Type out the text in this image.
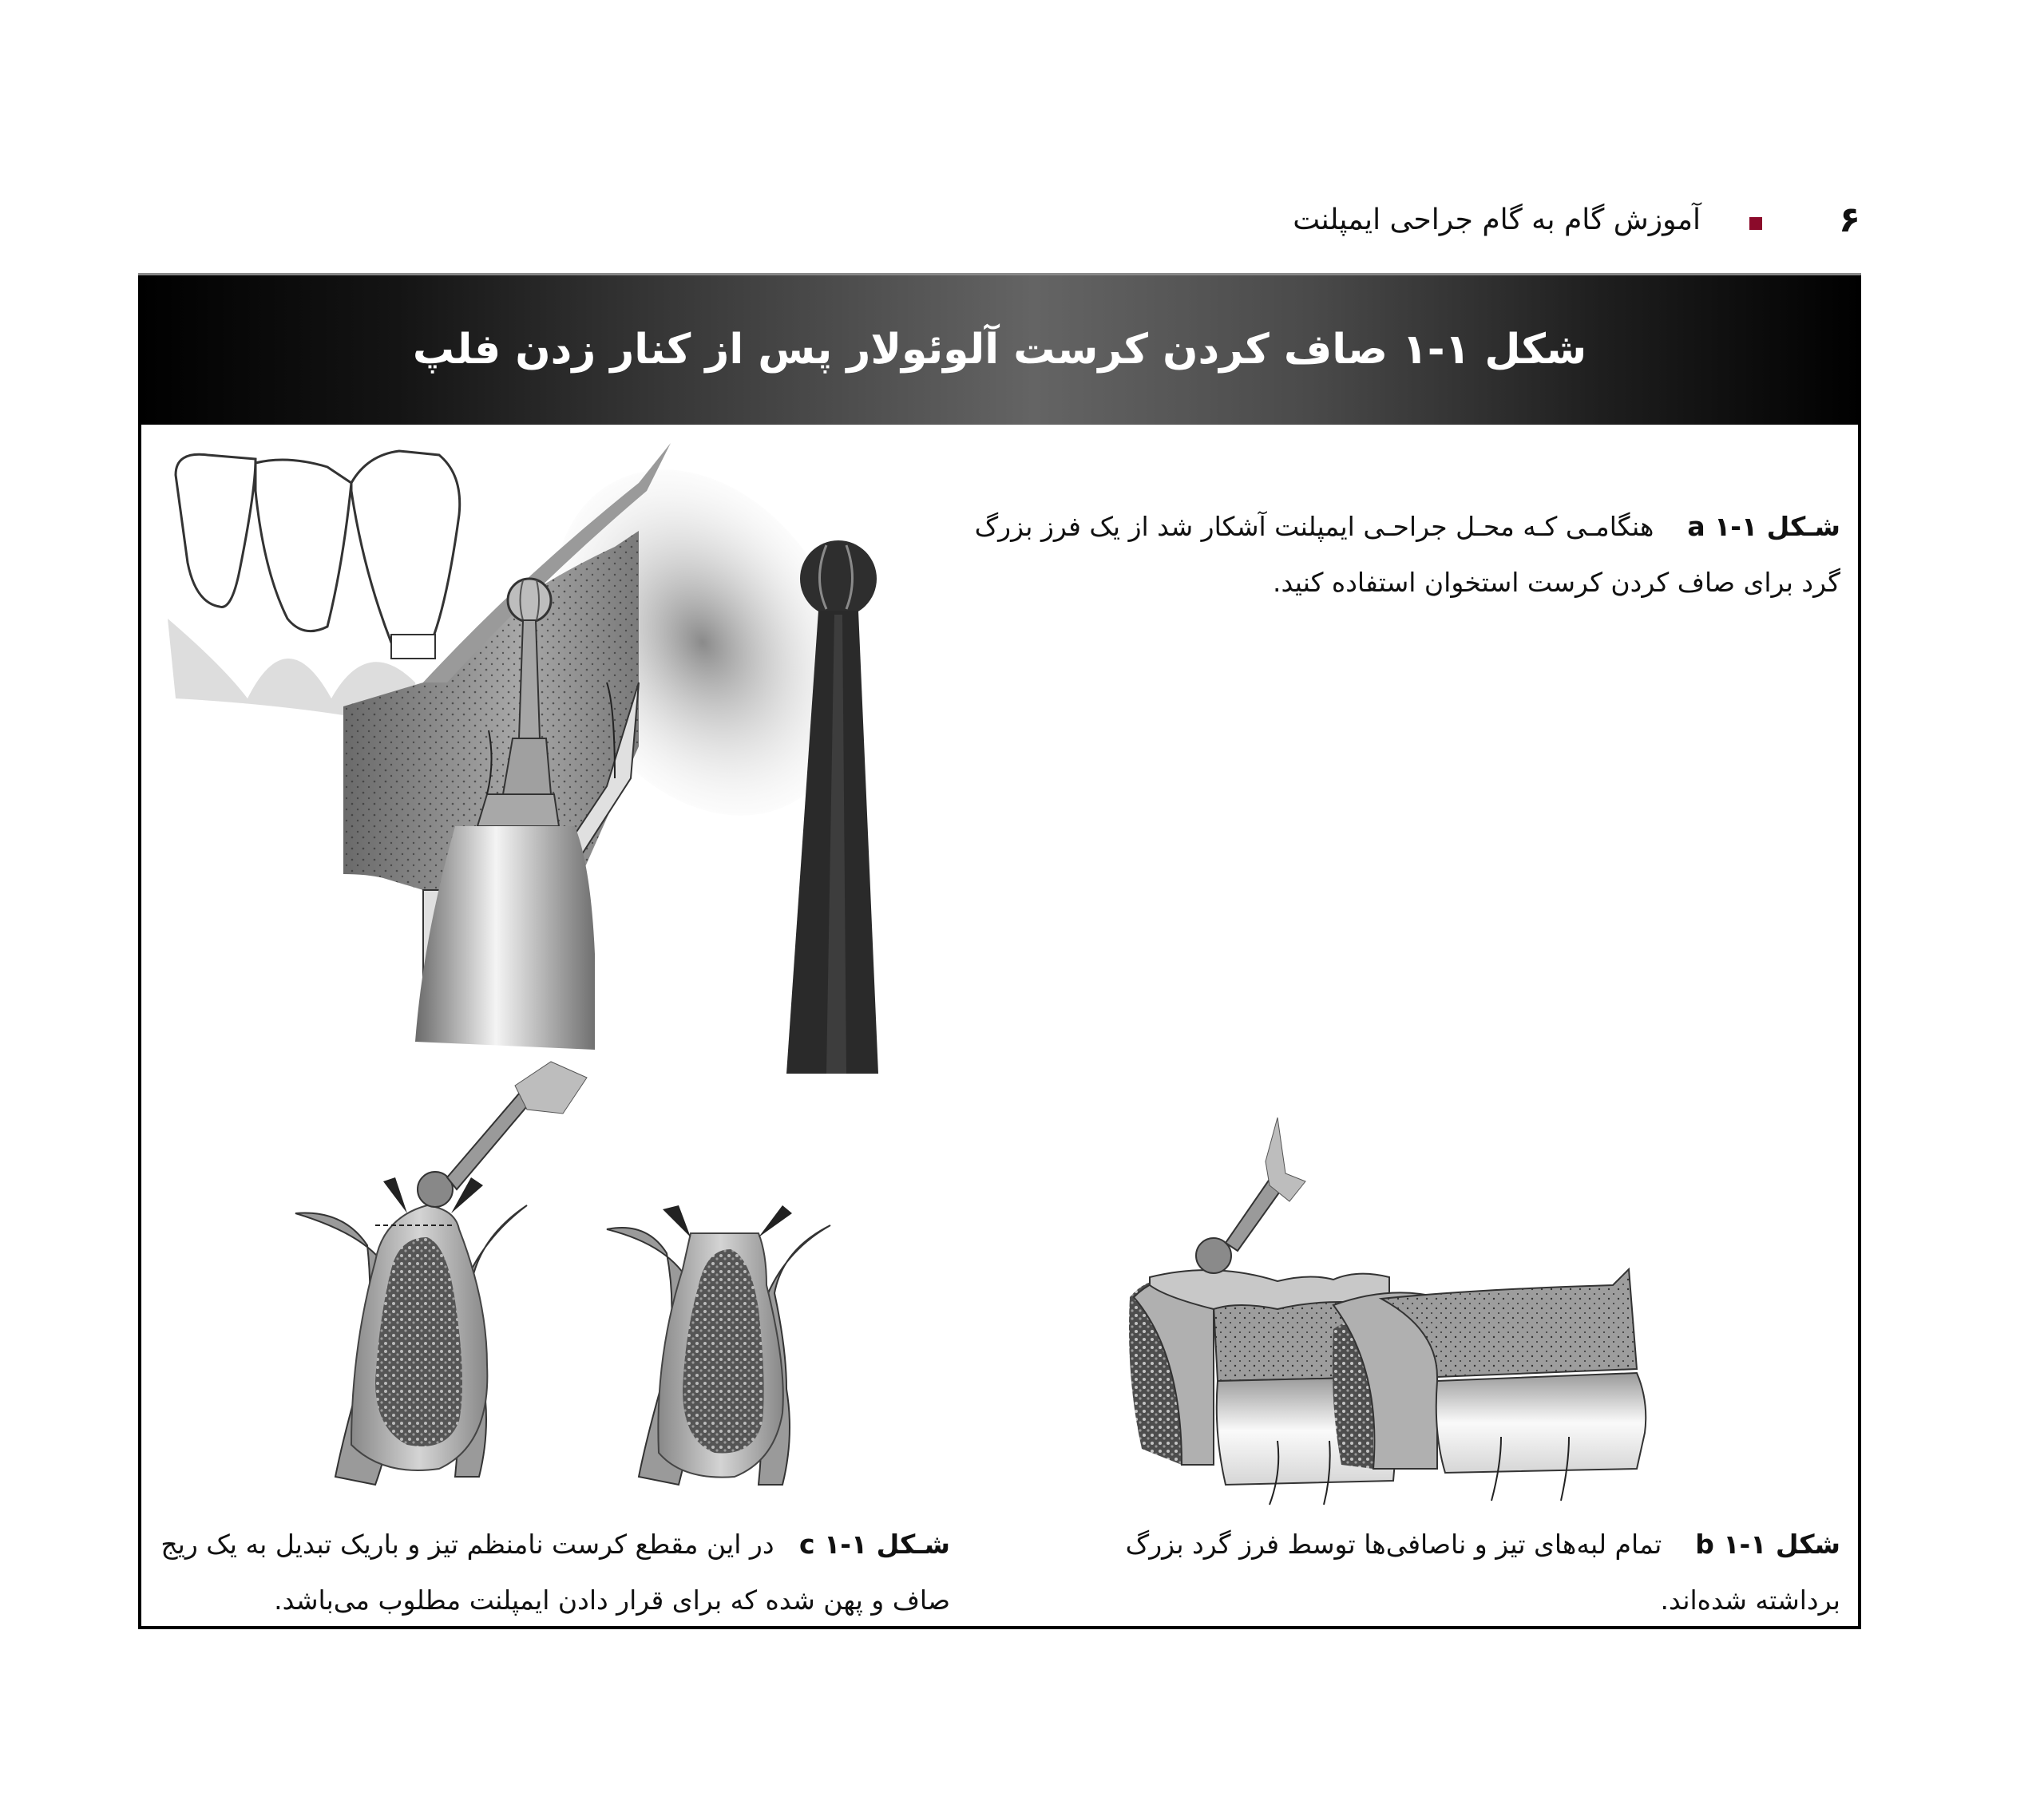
۶
آموزش گام به گام جراحی ایمپلنت
شکل ۱-۱ صاف کردن کرست آلوئولار پس از کنار زدن فلپ
شـکل ۱-۱ a    هنگامـی کـه محـل جراحـی ایمپلنت آشکار شد از یک فرز بزرگ گرد برای صاف کردن کرست استخوان استفاده کنید.
شکل ۱-۱ b    تمام لبه‌های تیز و ناصافی‌ها توسط فرز گرد بزرگ برداشته شده‌اند.
شـکل ۱-۱ c   در این مقطع کرست نامنظم تیز و باریک تبدیل به یک ریج صاف و پهن شده که برای قرار دادن ایمپلنت مطلوب می‌باشد.
